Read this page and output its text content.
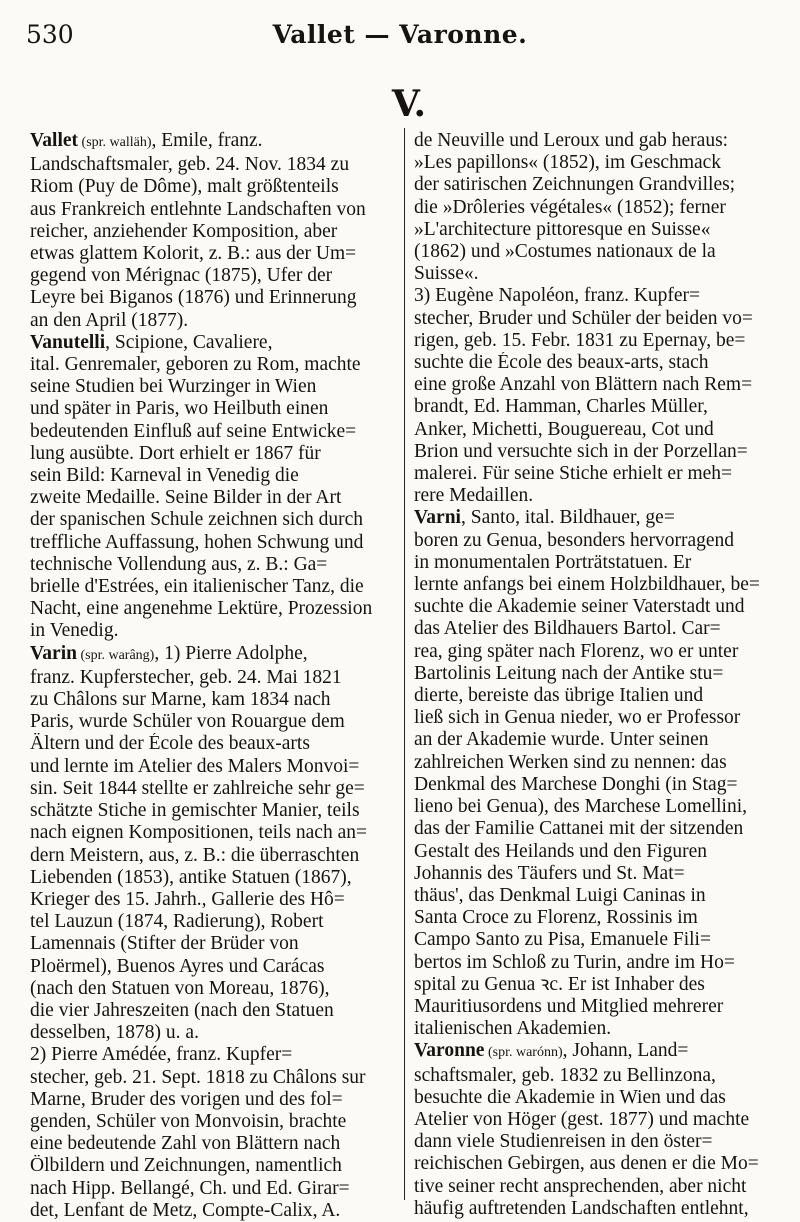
530	Vallet — Varonne.
V.
Vallet (spr. walläh), Emile, franz.
Landschaftsmaler, geb. 24. Nov. 1834 zu
Riom (Puy de Dôme), malt größtenteils
aus Frankreich entlehnte Landschaften von
reicher, anziehender Komposition, aber
etwas glattem Kolorit, z. B.: aus der Um=
gegend von Mérignac (1875), Ufer der
Leyre bei Biganos (1876) und Erinnerung
an den April (1877).
Vanutelli, Scipione, Cavaliere,
ital. Genremaler, geboren zu Rom, machte
seine Studien bei Wurzinger in Wien
und später in Paris, wo Heilbuth einen
bedeutenden Einfluß auf seine Entwicke=
lung ausübte. Dort erhielt er 1867 für
sein Bild: Karneval in Venedig die
zweite Medaille. Seine Bilder in der Art
der spanischen Schule zeichnen sich durch
treffliche Auffassung, hohen Schwung und
technische Vollendung aus, z. B.: Ga=
brielle d'Estrées, ein italienischer Tanz, die
Nacht, eine angenehme Lektüre, Prozession
in Venedig.
Varin (spr. warâng), 1) Pierre Adolphe,
franz. Kupferstecher, geb. 24. Mai 1821
zu Châlons sur Marne, kam 1834 nach
Paris, wurde Schüler von Rouargue dem
Ältern und der École des beaux-arts
und lernte im Atelier des Malers Monvoi=
sin. Seit 1844 stellte er zahlreiche sehr ge=
schätzte Stiche in gemischter Manier, teils
nach eignen Kompositionen, teils nach an=
dern Meistern, aus, z. B.: die überraschten
Liebenden (1853), antike Statuen (1867),
Krieger des 15. Jahrh., Gallerie des Hô=
tel Lauzun (1874, Radierung), Robert
Lamennais (Stifter der Brüder von
Ploërmel), Buenos Ayres und Carácas
(nach den Statuen von Moreau, 1876),
die vier Jahreszeiten (nach den Statuen
desselben, 1878) u. a.
2) Pierre Amédée, franz. Kupfer=
stecher, geb. 21. Sept. 1818 zu Châlons sur
Marne, Bruder des vorigen und des fol=
genden, Schüler von Monvoisin, brachte
eine bedeutende Zahl von Blättern nach
Ölbildern und Zeichnungen, namentlich
nach Hipp. Bellangé, Ch. und Ed. Girar=
det, Lenfant de Metz, Compte-Calix, A.
de Neuville und Leroux und gab heraus:
»Les papillons« (1852), im Geschmack
der satirischen Zeichnungen Grandvilles;
die »Drôleries végétales« (1852); ferner
»L'architecture pittoresque en Suisse«
(1862) und »Costumes nationaux de la
Suisse«.
3) Eugène Napoléon, franz. Kupfer=
stecher, Bruder und Schüler der beiden vo=
rigen, geb. 15. Febr. 1831 zu Epernay, be=
suchte die École des beaux-arts, stach
eine große Anzahl von Blättern nach Rem=
brandt, Ed. Hamman, Charles Müller,
Anker, Michetti, Bouguereau, Cot und
Brion und versuchte sich in der Porzellan=
malerei. Für seine Stiche erhielt er meh=
rere Medaillen.
Varni, Santo, ital. Bildhauer, ge=
boren zu Genua, besonders hervorragend
in monumentalen Porträtstatuen. Er
lernte anfangs bei einem Holzbildhauer, be=
suchte die Akademie seiner Vaterstadt und
das Atelier des Bildhauers Bartol. Car=
rea, ging später nach Florenz, wo er unter
Bartolinis Leitung nach der Antike stu=
dierte, bereiste das übrige Italien und
ließ sich in Genua nieder, wo er Professor
an der Akademie wurde. Unter seinen
zahlreichen Werken sind zu nennen: das
Denkmal des Marchese Donghi (in Stag=
lieno bei Genua), des Marchese Lomellini,
das der Familie Cattanei mit der sitzenden
Gestalt des Heilands und den Figuren
Johannis des Täufers und St. Mat=
thäus', das Denkmal Luigi Caninas in
Santa Croce zu Florenz, Rossinis im
Campo Santo zu Pisa, Emanuele Fili=
bertos im Schloß zu Turin, andre im Ho=
spital zu Genua ꝛc. Er ist Inhaber des
Mauritiusordens und Mitglied mehrerer
italienischen Akademien.
Varonne (spr. warónn), Johann, Land=
schaftsmaler, geb. 1832 zu Bellinzona,
besuchte die Akademie in Wien und das
Atelier von Höger (gest. 1877) und machte
dann viele Studienreisen in den öster=
reichischen Gebirgen, aus denen er die Mo=
tive seiner recht ansprechenden, aber nicht
häufig auftretenden Landschaften entlehnt,
